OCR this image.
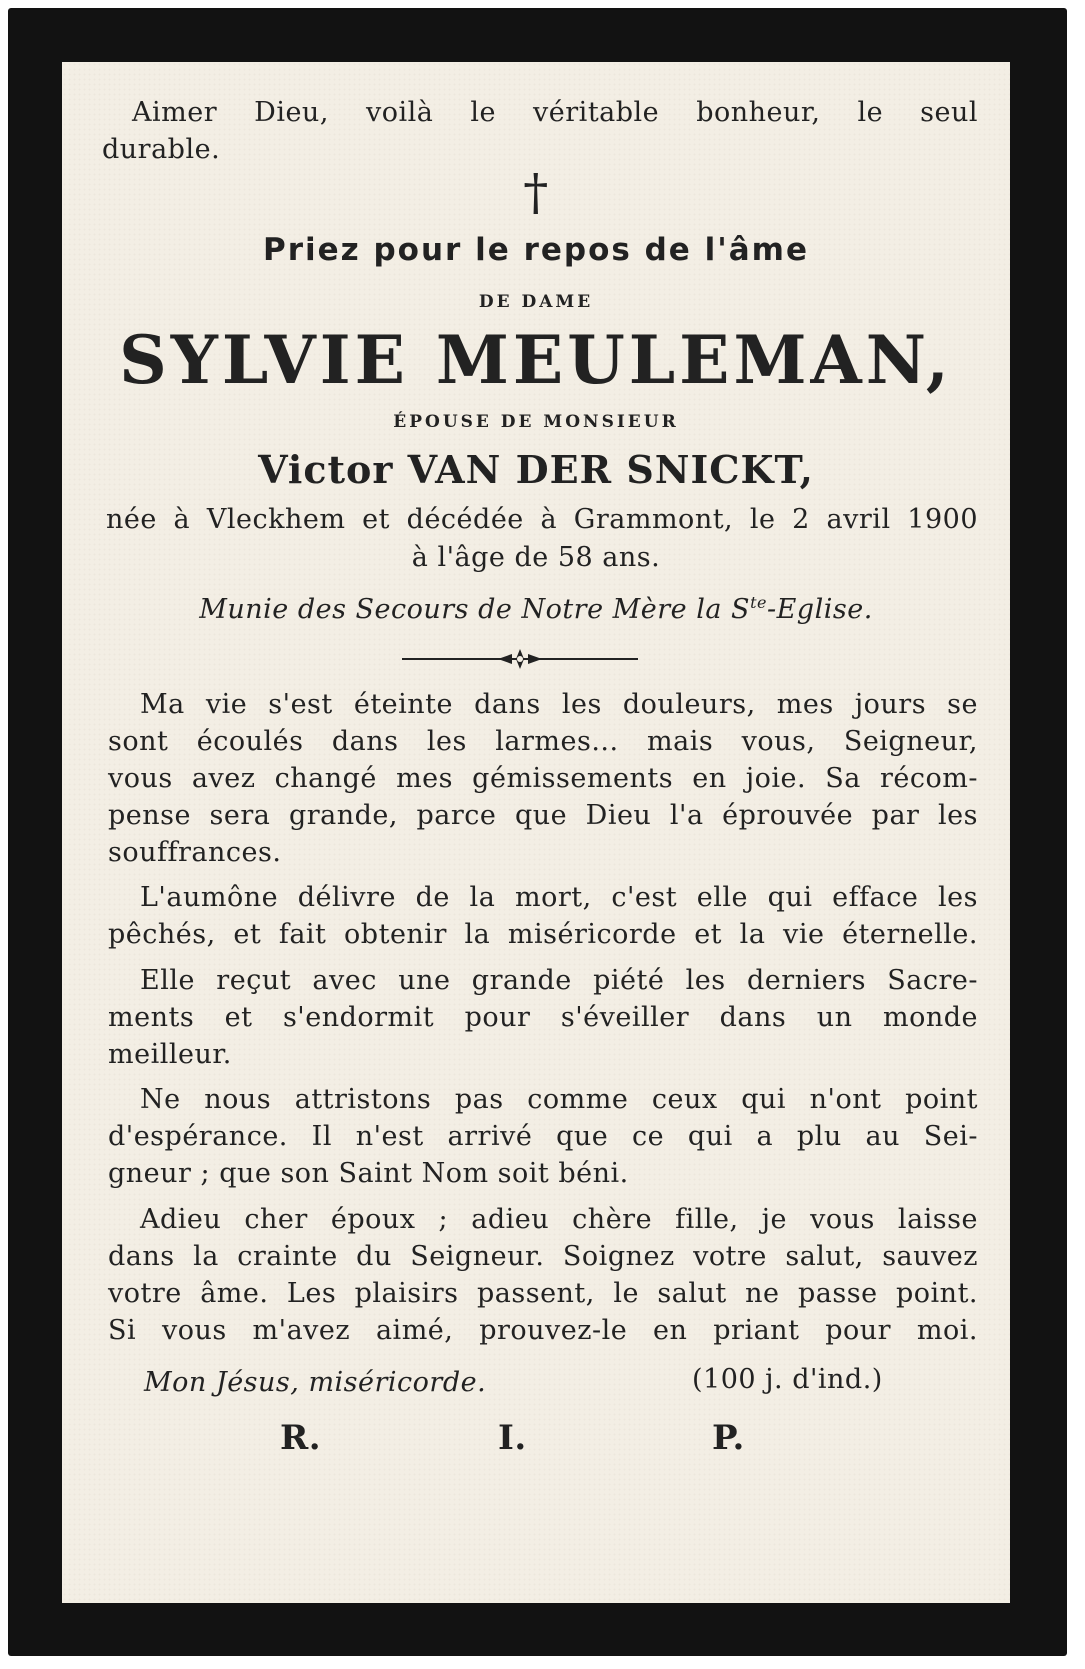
Aimer Dieu, voilà le véritable bonheur, le seul
durable.
†
Priez pour le repos de l'âme
DE DAME
SYLVIE MEULEMAN,
ÉPOUSE DE MONSIEUR
Victor VAN DER SNICKT,
née à Vleckhem et décédée à Grammont, le 2 avril 1900
à l'âge de 58 ans.
Munie des Secours de Notre Mère la $S^{te}$-Eglise.
Ma vie s'est éteinte dans les douleurs, mes jours se
sont écoulés dans les larmes... mais vous, Seigneur,
vous avez changé mes gémissements en joie. Sa récom-
pense sera grande, parce que Dieu l'a éprouvée par les
souffrances.
L'aumône délivre de la mort, c'est elle qui efface les
pêchés, et fait obtenir la miséricorde et la vie éternelle.
Elle reçut avec une grande piété les derniers Sacre-
ments et s'endormit pour s'éveiller dans un monde
meilleur.
Ne nous attristons pas comme ceux qui n'ont point
d'espérance. Il n'est arrivé que ce qui a plu au Sei-
gneur ; que son Saint Nom soit béni.
Adieu cher époux ; adieu chère fille, je vous laisse
dans la crainte du Seigneur. Soignez votre salut, sauvez
votre âme. Les plaisirs passent, le salut ne passe point.
Si vous m'avez aimé, prouvez-le en priant pour moi.
Mon Jésus, miséricorde.	(100 j. d'ind.)
R.	I.	P.
